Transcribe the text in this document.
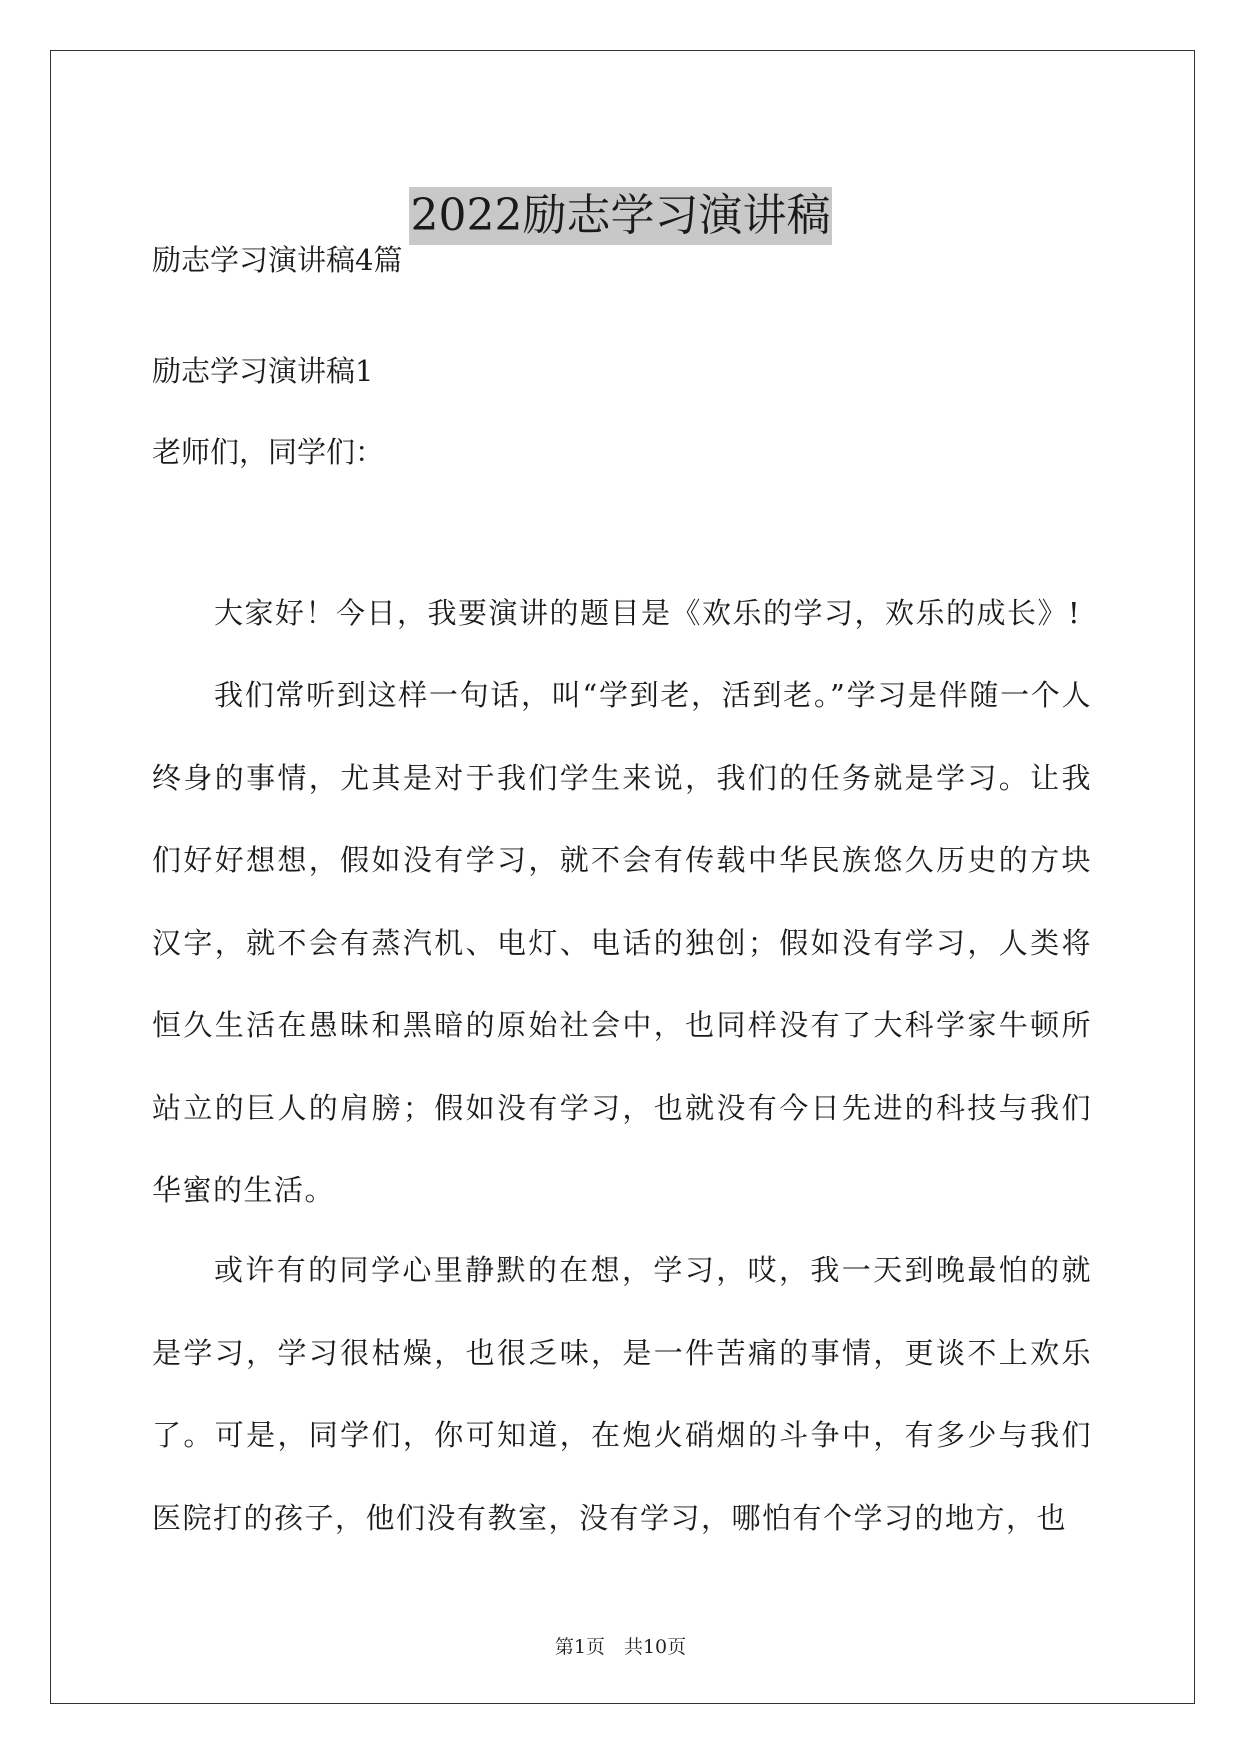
2022励志学习演讲稿
励志学习演讲稿4篇
励志学习演讲稿1
老师们，同学们：

大家好！今日，我要演讲的题目是《欢乐的学习，欢乐的成长》!

我们常听到这样一句话，叫“学到老，活到老。”学习是伴随一个人终身的事情，尤其是对于我们学生来说，我们的任务就是学习。让我们好好想想，假如没有学习，就不会有传载中华民族悠久历史的方块汉字，就不会有蒸汽机、电灯、电话的独创；假如没有学习，人类将恒久生活在愚昧和黑暗的原始社会中，也同样没有了大科学家牛顿所站立的巨人的肩膀；假如没有学习，也就没有今日先进的科技与我们华蜜的生活。

或许有的同学心里静默的在想，学习，哎，我一天到晚最怕的就是学习，学习很枯燥，也很乏味，是一件苦痛的事情，更谈不上欢乐了。可是，同学们，你可知道，在炮火硝烟的斗争中，有多少与我们医院打的孩子，他们没有教室，没有学习，哪怕有个学习的地方，也

第1页　共10页
